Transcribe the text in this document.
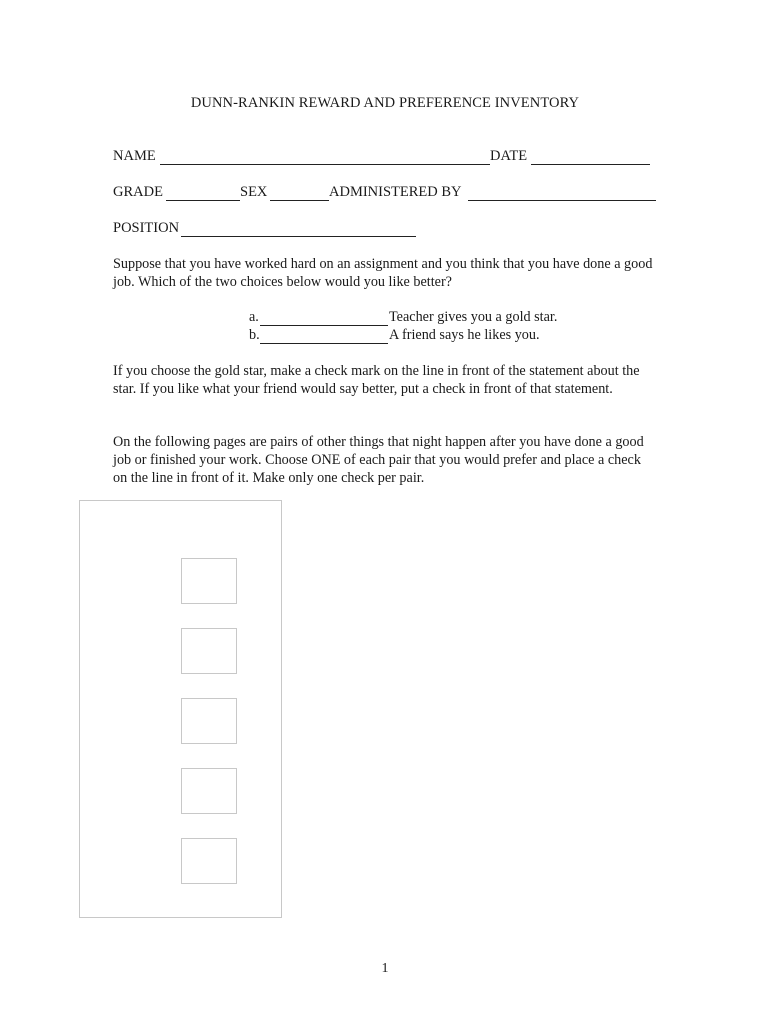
DUNN-RANKIN REWARD AND PREFERENCE INVENTORY
NAME	DATE
GRADE	SEX	ADMINISTERED BY
POSITION
Suppose that you have worked hard on an assignment and you think that you have done a good job. Which of the two choices below would you like better?
a.	Teacher gives you a gold star.
b.	A friend says he likes you.
If you choose the gold star, make a check mark on the line in front of the statement about the star. If you like what your friend would say better, put a check in front of that statement.
On the following pages are pairs of other things that night happen after you have done a good job or finished your work. Choose ONE of each pair that you would prefer and place a check on the line in front of it. Make only one check per pair.
1
